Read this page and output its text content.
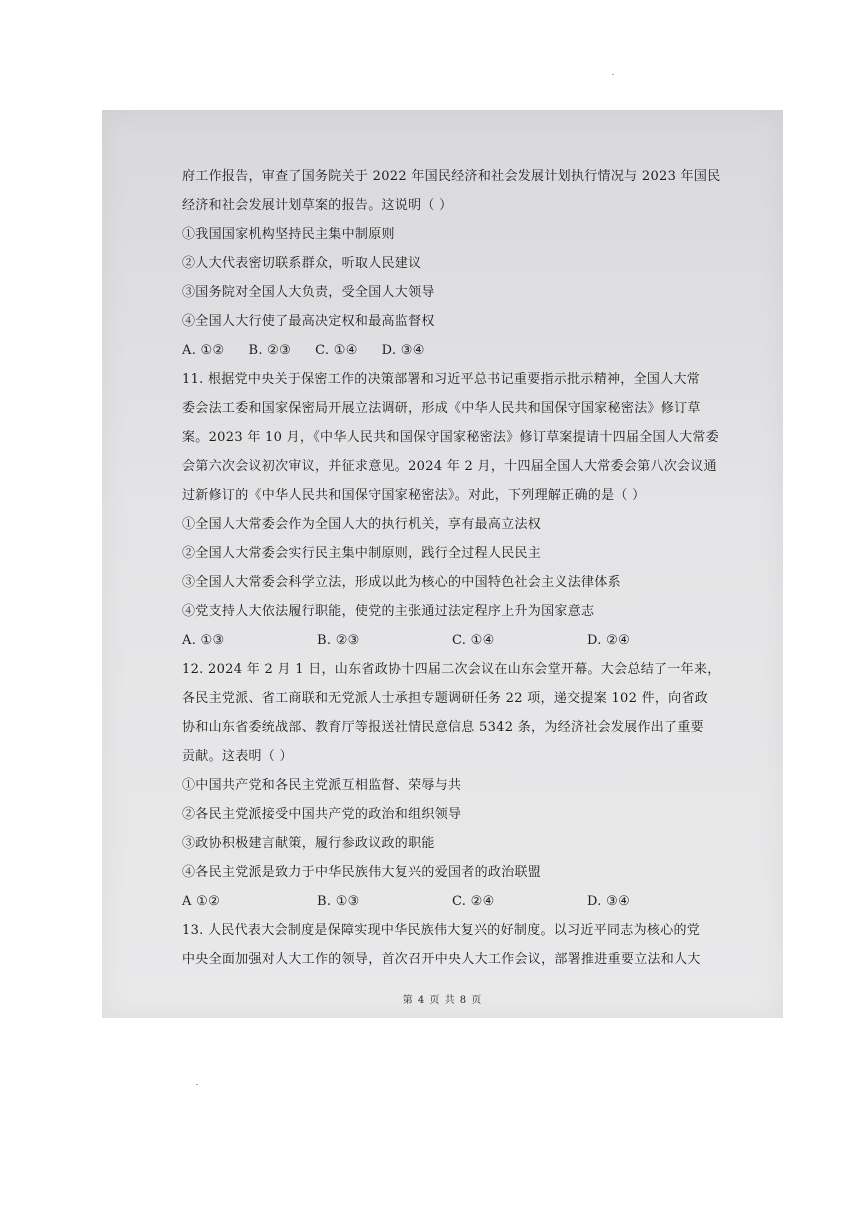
府工作报告，审查了国务院关于 2022 年国民经济和社会发展计划执行情况与 2023 年国民

经济和社会发展计划草案的报告。这说明（ ）

①我国国家机构坚持民主集中制原则

②人大代表密切联系群众，听取人民建议

③国务院对全国人大负责，受全国人大领导

④全国人大行使了最高决定权和最高监督权

A. ①② B. ②③ C. ①④ D. ③④

11. 根据党中央关于保密工作的决策部署和习近平总书记重要指示批示精神，全国人大常

委会法工委和国家保密局开展立法调研，形成《中华人民共和国保守国家秘密法》修订草

案。2023 年 10 月，《中华人民共和国保守国家秘密法》修订草案提请十四届全国人大常委

会第六次会议初次审议，并征求意见。2024 年 2 月，十四届全国人大常委会第八次会议通

过新修订的《中华人民共和国保守国家秘密法》。对此，下列理解正确的是（ ）

①全国人大常委会作为全国人大的执行机关，享有最高立法权

②全国人大常委会实行民主集中制原则，践行全过程人民民主

③全国人大常委会科学立法，形成以此为核心的中国特色社会主义法律体系

④党支持人大依法履行职能，使党的主张通过法定程序上升为国家意志

A. ①③	B. ②③	C. ①④	D. ②④

12. 2024 年 2 月 1 日，山东省政协十四届二次会议在山东会堂开幕。大会总结了一年来，

各民主党派、省工商联和无党派人士承担专题调研任务 22 项，递交提案 102 件，向省政

协和山东省委统战部、教育厅等报送社情民意信息 5342 条，为经济社会发展作出了重要

贡献。这表明（ ）

①中国共产党和各民主党派互相监督、荣辱与共

②各民主党派接受中国共产党的政治和组织领导

③政协积极建言献策，履行参政议政的职能

④各民主党派是致力于中华民族伟大复兴的爱国者的政治联盟

A ①②	B. ①③	C. ②④	D. ③④

13. 人民代表大会制度是保障实现中华民族伟大复兴的好制度。以习近平同志为核心的党

中央全面加强对人大工作的领导，首次召开中央人大工作会议，部署推进重要立法和人大

第 4 页 共 8 页
